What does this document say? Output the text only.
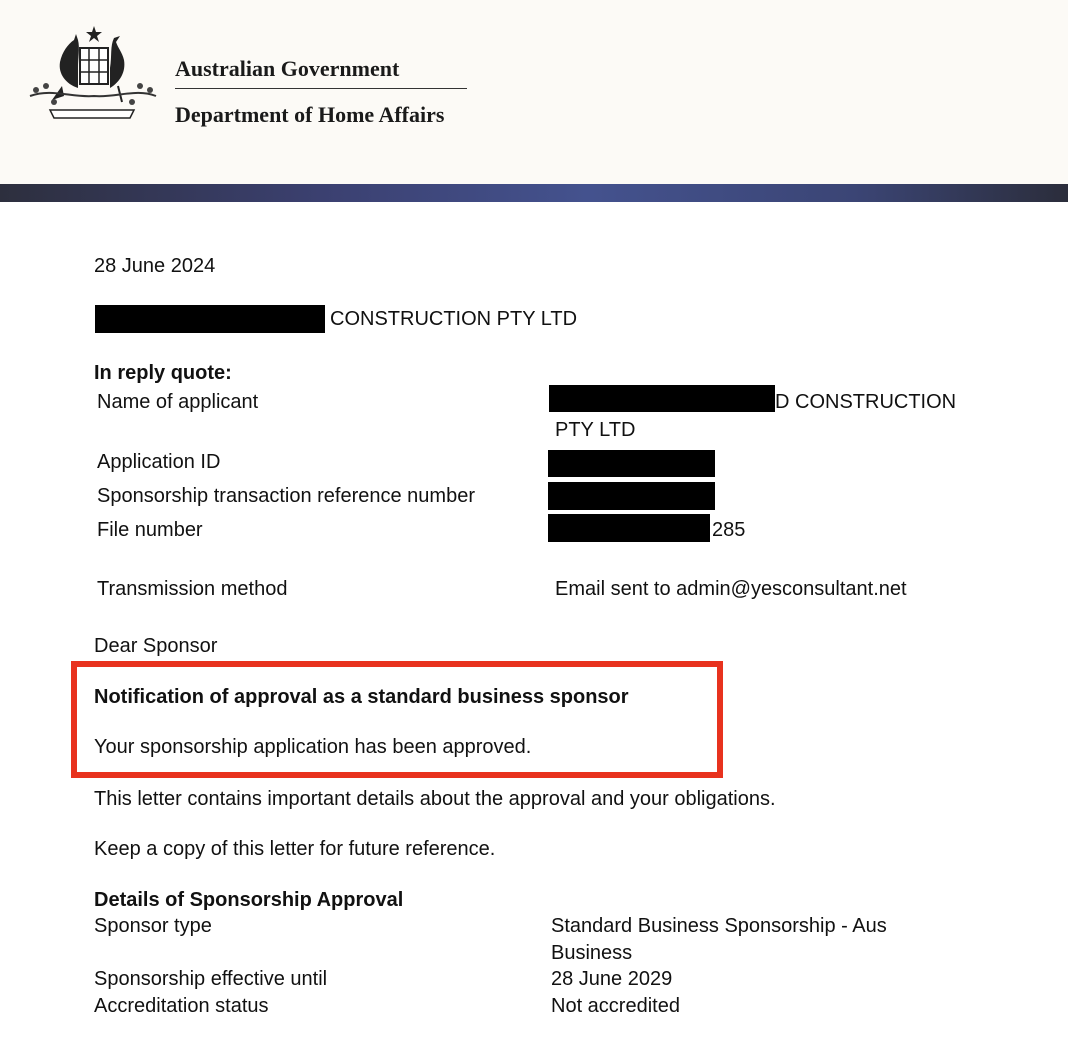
Australian Government
Department of Home Affairs
28 June 2024
CONSTRUCTION PTY LTD
In reply quote:
Name of applicant	D CONSTRUCTION
PTY LTD
Application ID
Sponsorship transaction reference number
File number	285
Transmission method	Email sent to admin@yesconsultant.net
Dear Sponsor
Notification of approval as a standard business sponsor
Your sponsorship application has been approved.
This letter contains important details about the approval and your obligations.
Keep a copy of this letter for future reference.
Details of Sponsorship Approval
Sponsor type	Standard Business Sponsorship - Aus
Business
Sponsorship effective until	28 June 2029
Accreditation status	Not accredited
